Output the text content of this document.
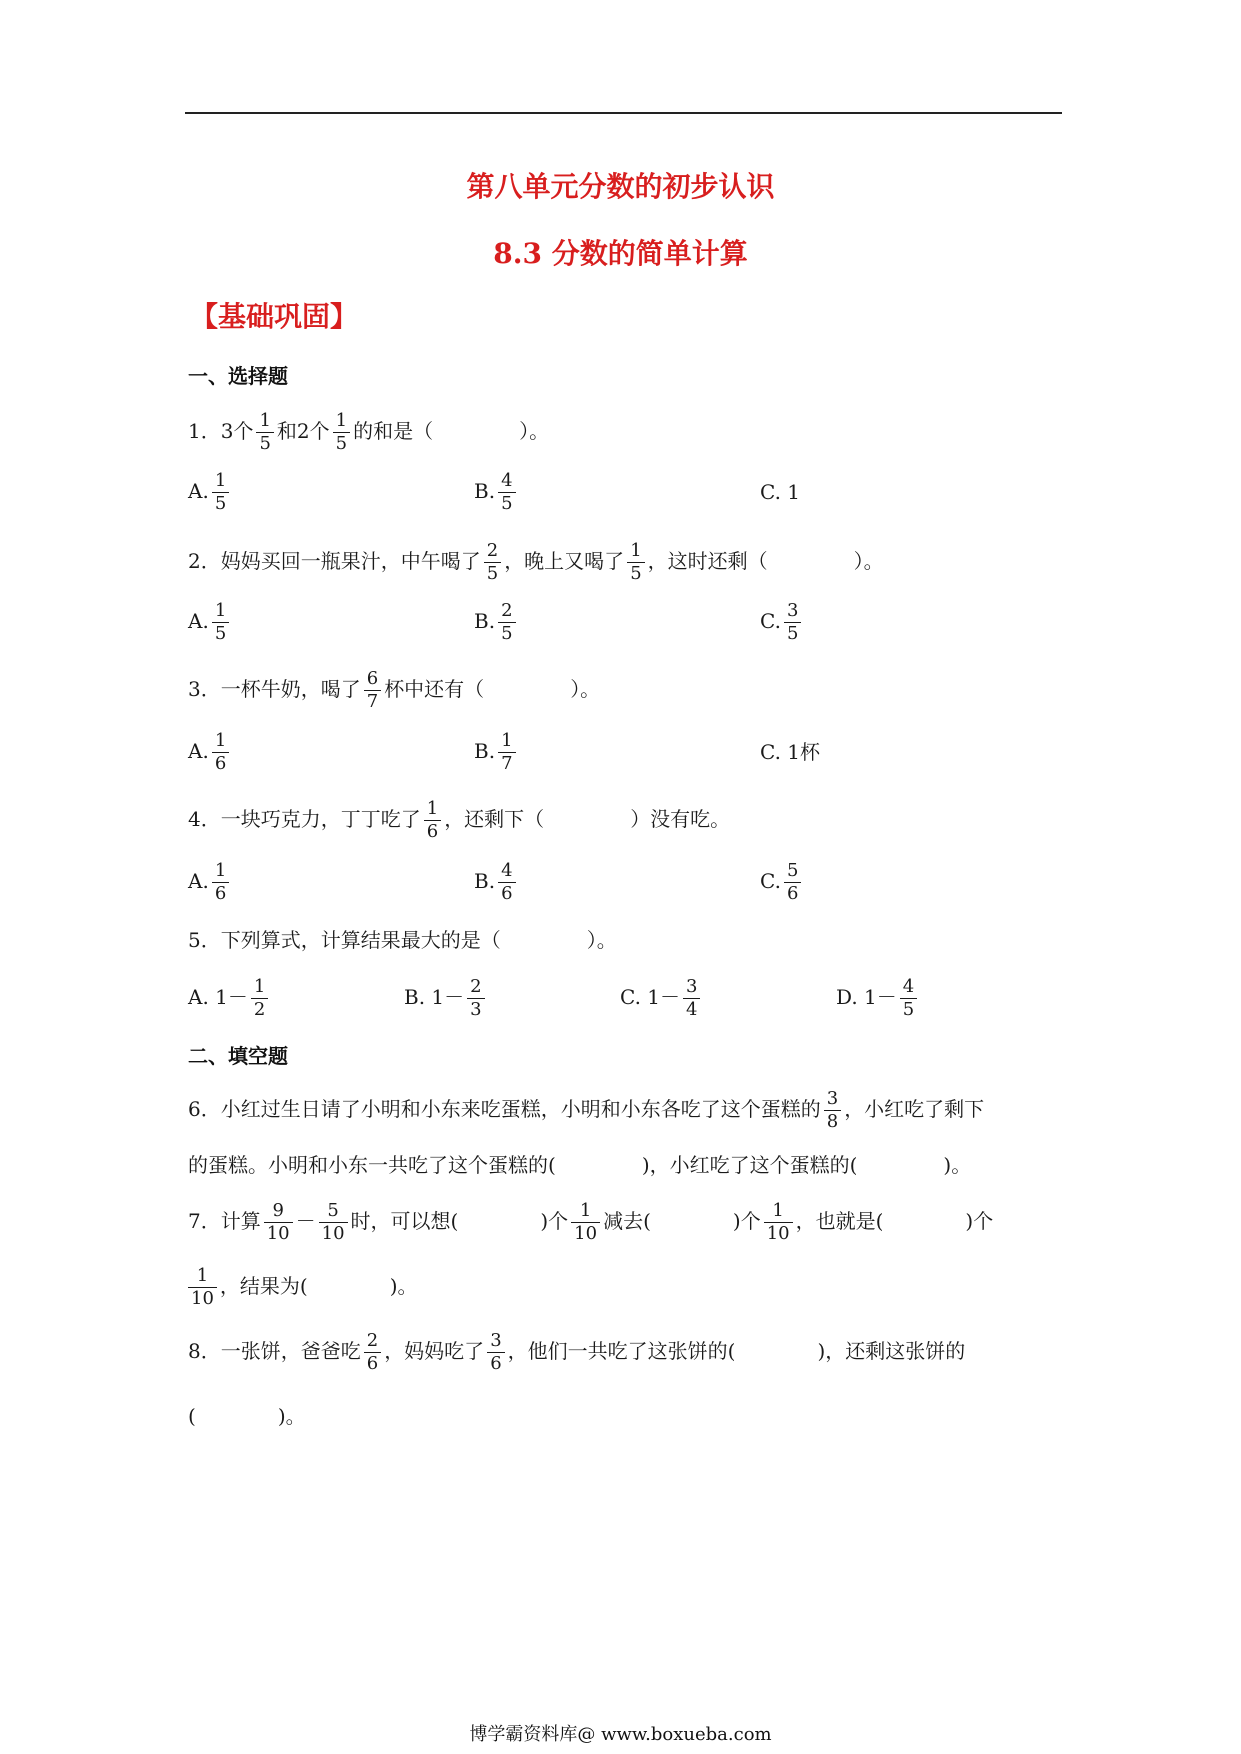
第八单元分数的初步认识
8.3 分数的简单计算
【基础巩固】
一、选择题
1．3个 $\frac{1}{5}$ 和2个 $\frac{1}{5}$ 的和是（	）。
A. $\frac{1}{5}$	B. $\frac{4}{5}$	C. 1
2．妈妈买回一瓶果汁，中午喝了 $\frac{2}{5}$ ，晚上又喝了 $\frac{1}{5}$ ，这时还剩（	）。
A. $\frac{1}{5}$	B. $\frac{2}{5}$	C. $\frac{3}{5}$
3．一杯牛奶，喝了 $\frac{6}{7}$ 杯中还有（	）。
A. $\frac{1}{6}$	B. $\frac{1}{7}$	C. 1杯
4．一块巧克力，丁丁吃了 $\frac{1}{6}$ ，还剩下（	）没有吃。
A. $\frac{1}{6}$	B. $\frac{4}{6}$	C. $\frac{5}{6}$
5．下列算式，计算结果最大的是（	）。
A. $1- \frac{1}{2}$	B. $1- \frac{2}{3}$	C. $1- \frac{3}{4}$	D. $1- \frac{4}{5}$
二、填空题
6．小红过生日请了小明和小东来吃蛋糕，小明和小东各吃了这个蛋糕的 $\frac{3}{8}$ ，小红吃了剩下
的蛋糕。小明和小东一共吃了这个蛋糕的(	)，小红吃了这个蛋糕的(	)。
7．计算 $\frac{9}{10} - \frac{5}{10}$ 时，可以想(	)个 $\frac{1}{10}$ 减去(	)个 $\frac{1}{10}$ ，也就是(	)个
$\frac{1}{10}$ ，结果为(	)。
8．一张饼，爸爸吃 $\frac{2}{6}$ ，妈妈吃了 $\frac{3}{6}$ ，他们一共吃了这张饼的(	)，还剩这张饼的
(	)。
博学霸资料库@ www.boxueba.com
